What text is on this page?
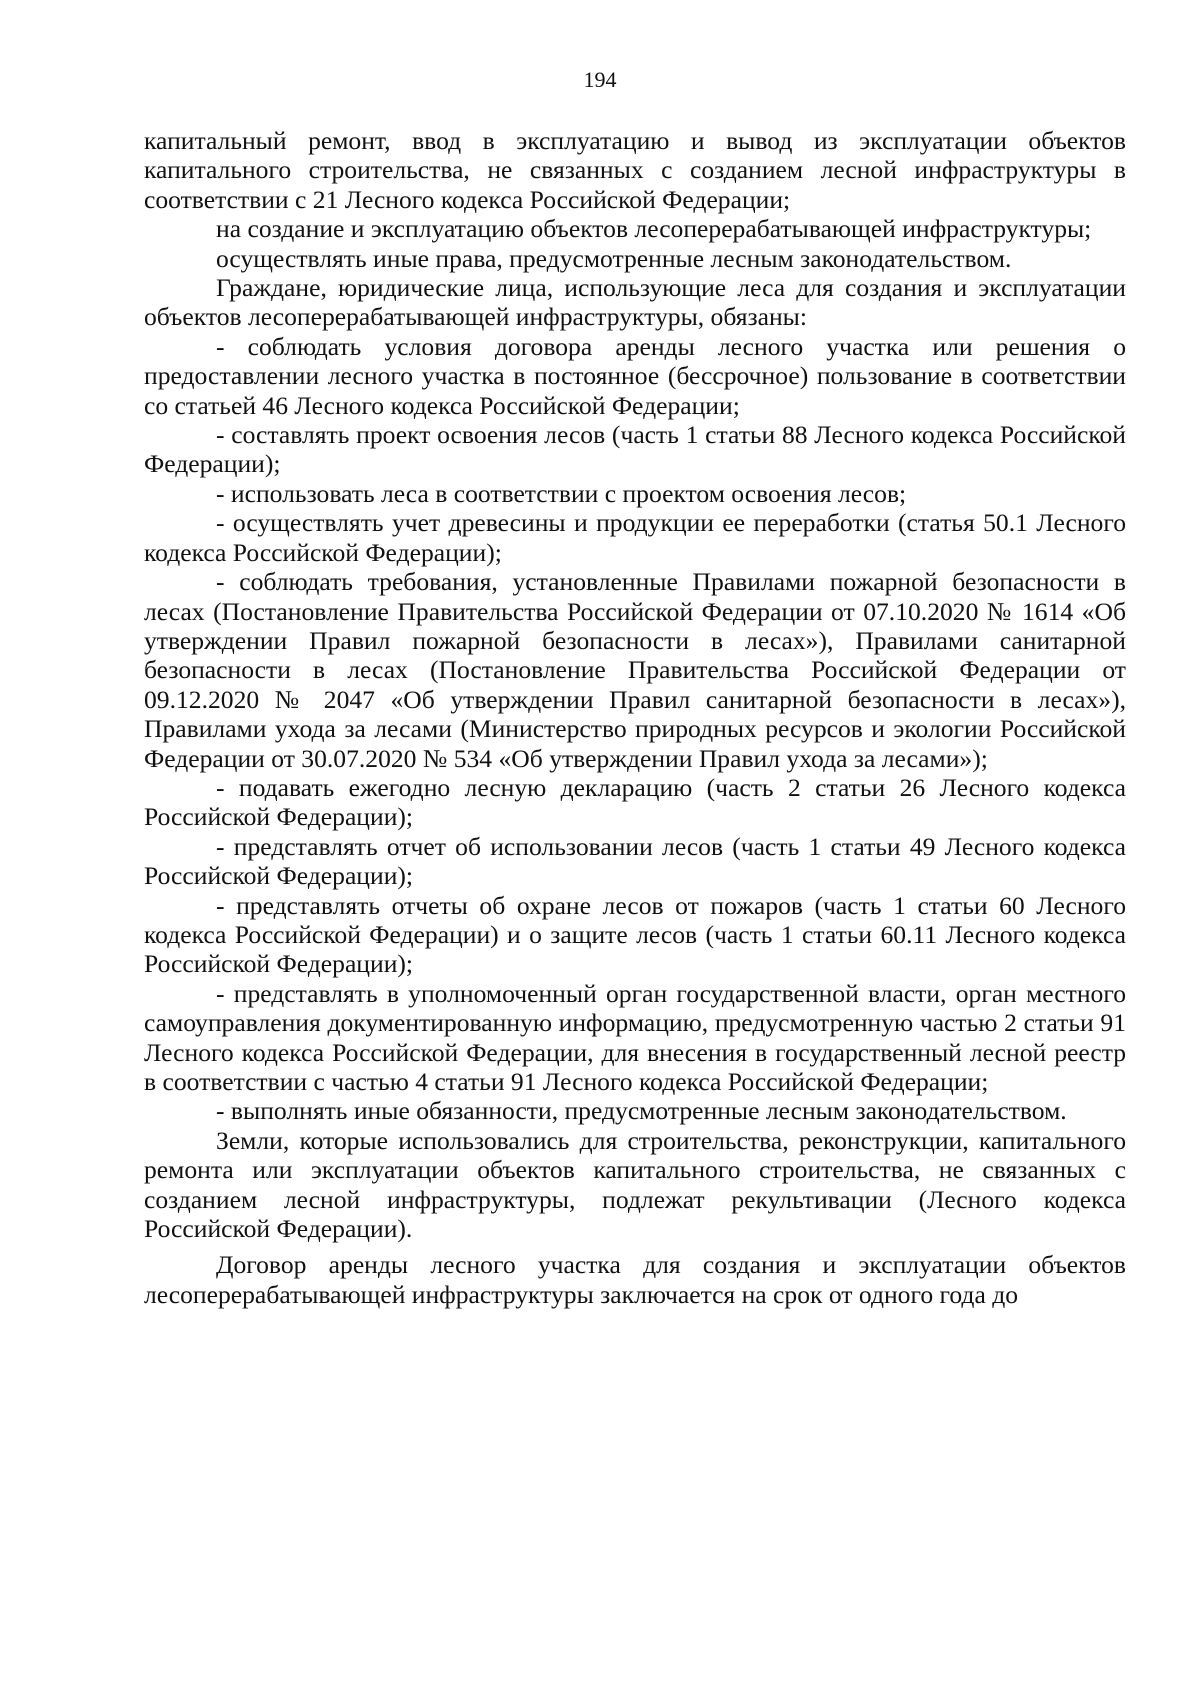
194

капитальный ремонт, ввод в эксплуатацию и вывод из эксплуатации объектов капитального строительства, не связанных с созданием лесной инфраструктуры в соответствии с 21 Лесного кодекса Российской Федерации;

на создание и эксплуатацию объектов лесоперерабатывающей инфраструктуры;

осуществлять иные права, предусмотренные лесным законодательством.

Граждане, юридические лица, использующие леса для создания и эксплуатации объектов лесоперерабатывающей инфраструктуры, обязаны:

- соблюдать условия договора аренды лесного участка или решения о предоставлении лесного участка в постоянное (бессрочное) пользование в соответствии со статьей 46 Лесного кодекса Российской Федерации;

- составлять проект освоения лесов (часть 1 статьи 88 Лесного кодекса Российской Федерации);

- использовать леса в соответствии с проектом освоения лесов;

- осуществлять учет древесины и продукции ее переработки (статья 50.1 Лесного кодекса Российской Федерации);

- соблюдать требования, установленные Правилами пожарной безопасности в лесах (Постановление Правительства Российской Федерации от 07.10.2020 № 1614 «Об утверждении Правил пожарной безопасности в лесах»), Правилами санитарной безопасности в лесах (Постановление Правительства Российской Федерации от 09.12.2020 № 2047 «Об утверждении Правил санитарной безопасности в лесах»), Правилами ухода за лесами (Министерство природных ресурсов и экологии Российской Федерации от 30.07.2020 № 534 «Об утверждении Правил ухода за лесами»);

- подавать ежегодно лесную декларацию (часть 2 статьи 26 Лесного кодекса Российской Федерации);

- представлять отчет об использовании лесов (часть 1 статьи 49 Лесного кодекса Российской Федерации);

- представлять отчеты об охране лесов от пожаров (часть 1 статьи 60 Лесного кодекса Российской Федерации) и о защите лесов (часть 1 статьи 60.11 Лесного кодекса Российской Федерации);

- представлять в уполномоченный орган государственной власти, орган местного самоуправления документированную информацию, предусмотренную частью 2 статьи 91 Лесного кодекса Российской Федерации, для внесения в государственный лесной реестр в соответствии с частью 4 статьи 91 Лесного кодекса Российской Федерации;

- выполнять иные обязанности, предусмотренные лесным законодательством.

Земли, которые использовались для строительства, реконструкции, капитального ремонта или эксплуатации объектов капитального строительства, не связанных с созданием лесной инфраструктуры, подлежат рекультивации (Лесного кодекса Российской Федерации).

Договор аренды лесного участка для создания и эксплуатации объектов лесоперерабатывающей инфраструктуры заключается на срок от одного года до
